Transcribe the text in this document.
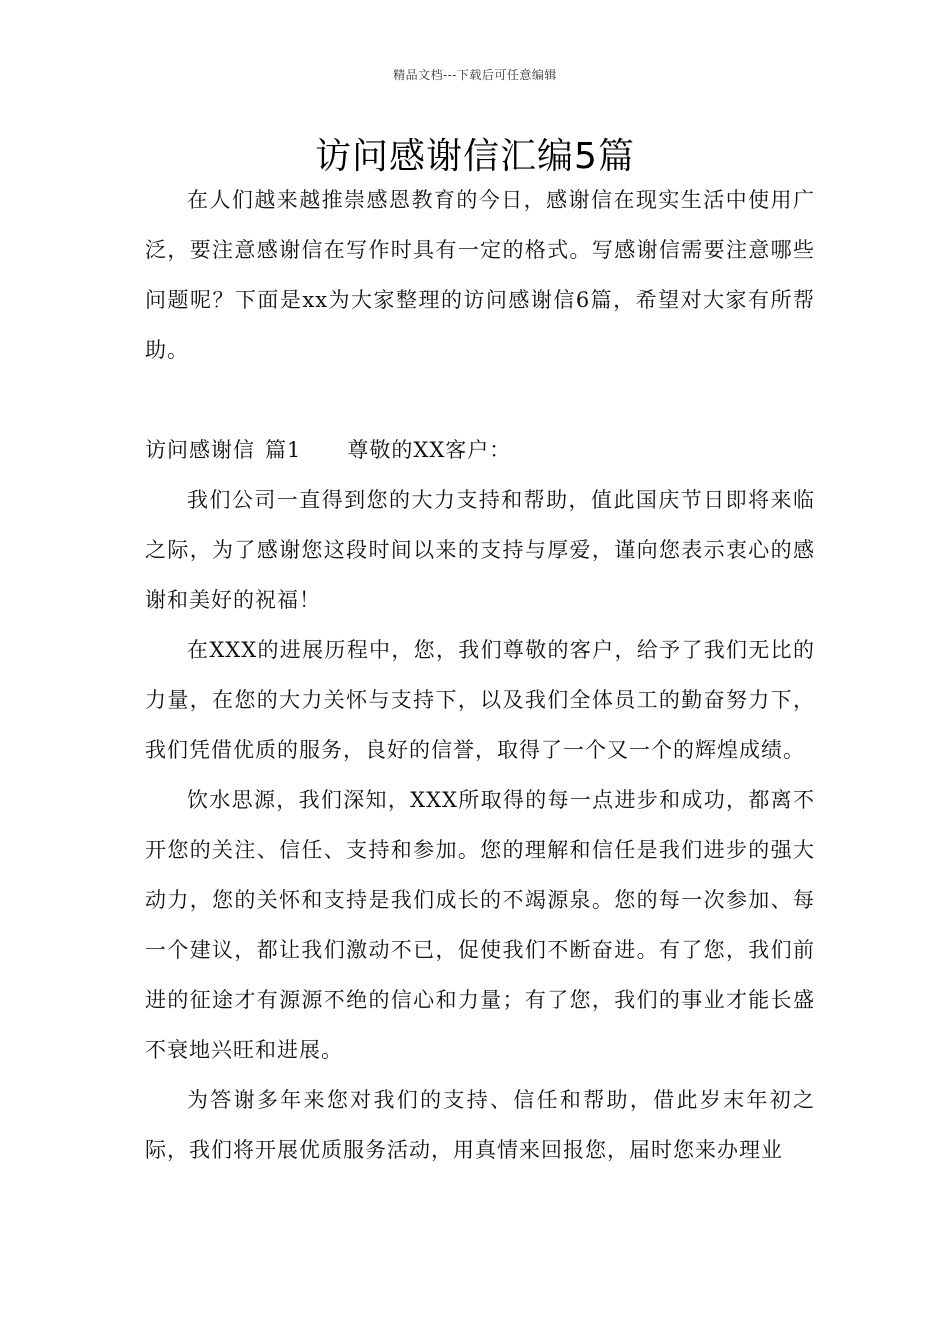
精品文档---下载后可任意编辑
访问感谢信汇编5篇

在人们越来越推崇感恩教育的今日，感谢信在现实生活中使用广泛，要注意感谢信在写作时具有一定的格式。写感谢信需要注意哪些问题呢？下面是xx为大家整理的访问感谢信6篇，希望对大家有所帮助。

访问感谢信 篇1 尊敬的XX客户：

我们公司一直得到您的大力支持和帮助，值此国庆节日即将来临之际，为了感谢您这段时间以来的支持与厚爱，谨向您表示衷心的感谢和美好的祝福！

在XXX的进展历程中，您，我们尊敬的客户，给予了我们无比的力量，在您的大力关怀与支持下，以及我们全体员工的勤奋努力下，我们凭借优质的服务，良好的信誉，取得了一个又一个的辉煌成绩。

饮水思源，我们深知，XXX所取得的每一点进步和成功，都离不开您的关注、信任、支持和参加。您的理解和信任是我们进步的强大动力，您的关怀和支持是我们成长的不竭源泉。您的每一次参加、每一个建议，都让我们激动不已，促使我们不断奋进。有了您，我们前进的征途才有源源不绝的信心和力量；有了您，我们的事业才能长盛不衰地兴旺和进展。

为答谢多年来您对我们的支持、信任和帮助，借此岁末年初之际，我们将开展优质服务活动，用真情来回报您，届时您来办理业
